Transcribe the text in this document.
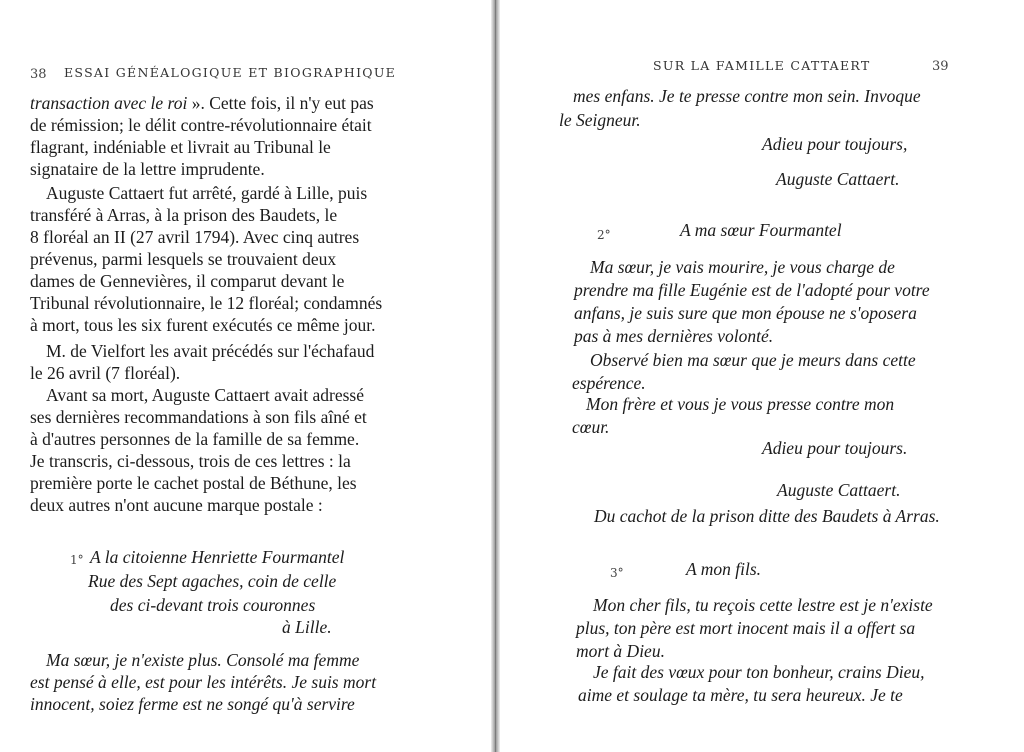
38 ESSAI GÉNÉALOGIQUE ET BIOGRAPHIQUE
transaction avec le roi ». Cette fois, il n'y eut pas
de rémission; le délit contre-révolutionnaire était
flagrant, indéniable et livrait au Tribunal le
signataire de la lettre imprudente.
Auguste Cattaert fut arrêté, gardé à Lille, puis
transféré à Arras, à la prison des Baudets, le
8 floréal an II (27 avril 1794). Avec cinq autres
prévenus, parmi lesquels se trouvaient deux
dames de Gennevières, il comparut devant le
Tribunal révolutionnaire, le 12 floréal; condamnés
à mort, tous les six furent exécutés ce même jour.
M. de Vielfort les avait précédés sur l'échafaud
le 26 avril (7 floréal).
Avant sa mort, Auguste Cattaert avait adressé
ses dernières recommandations à son fils aîné et
à d'autres personnes de la famille de sa femme.
Je transcris, ci-dessous, trois de ces lettres : la
première porte le cachet postal de Béthune, les
deux autres n'ont aucune marque postale :
1° A la citoienne Henriette Fourmantel
Rue des Sept agaches, coin de celle
des ci-devant trois couronnes
à Lille.
Ma sœur, je n'existe plus. Consolé ma femme
est pensé à elle, est pour les intérêts. Je suis mort
innocent, soiez ferme est ne songé qu'à servire
SUR LA FAMILLE CATTAERT	39
mes enfans. Je te presse contre mon sein. Invoque
le Seigneur.
Adieu pour toujours,
Auguste Cattaert.
2°	A ma sœur Fourmantel
Ma sœur, je vais mourire, je vous charge de
prendre ma fille Eugénie est de l'adopté pour votre
anfans, je suis sure que mon épouse ne s'oposera
pas à mes dernières volonté.
Observé bien ma sœur que je meurs dans cette
espérence.
Mon frère et vous je vous presse contre mon
cœur.
Adieu pour toujours.
Auguste Cattaert.
Du cachot de la prison ditte des Baudets à Arras.
3°	A mon fils.
Mon cher fils, tu reçois cette lestre est je n'existe
plus, ton père est mort inocent mais il a offert sa
mort à Dieu.
Je fait des vœux pour ton bonheur, crains Dieu,
aime et soulage ta mère, tu sera heureux. Je te
